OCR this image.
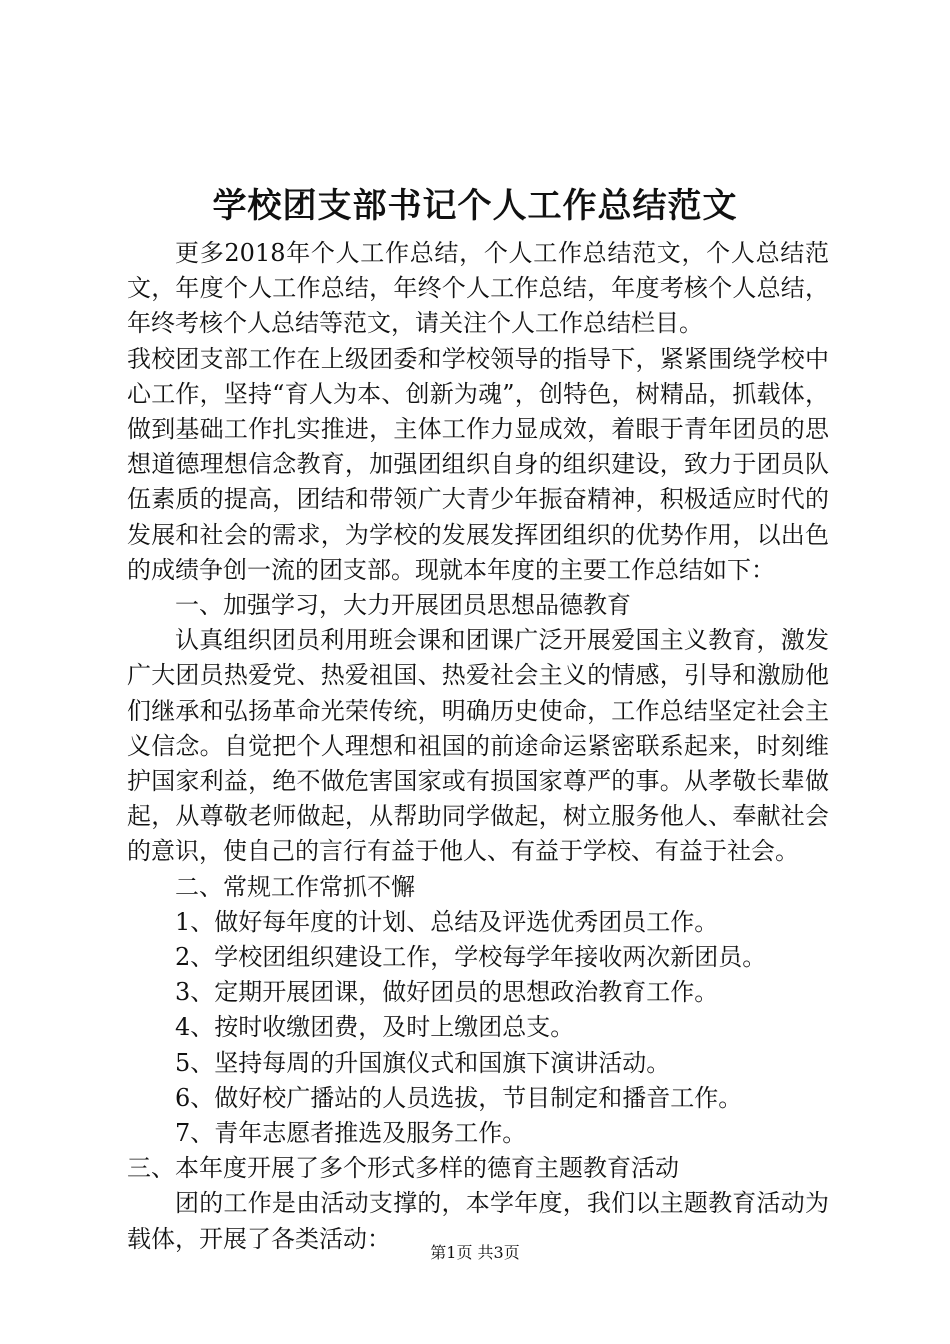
学校团支部书记个人工作总结范文

更多2018年个人工作总结，个人工作总结范文，个人总结范文，年度个人工作总结，年终个人工作总结，年度考核个人总结，年终考核个人总结等范文，请关注个人工作总结栏目。

我校团支部工作在上级团委和学校领导的指导下，紧紧围绕学校中心工作，坚持“育人为本、创新为魂”，创特色，树精品，抓载体，做到基础工作扎实推进，主体工作力显成效，着眼于青年团员的思想道德理想信念教育，加强团组织自身的组织建设，致力于团员队伍素质的提高，团结和带领广大青少年振奋精神，积极适应时代的发展和社会的需求，为学校的发展发挥团组织的优势作用，以出色的成绩争创一流的团支部。现就本年度的主要工作总结如下：

一、加强学习，大力开展团员思想品德教育

认真组织团员利用班会课和团课广泛开展爱国主义教育，激发广大团员热爱党、热爱祖国、热爱社会主义的情感，引导和激励他们继承和弘扬革命光荣传统，明确历史使命，工作总结坚定社会主义信念。自觉把个人理想和祖国的前途命运紧密联系起来，时刻维护国家利益，绝不做危害国家或有损国家尊严的事。从孝敬长辈做起，从尊敬老师做起，从帮助同学做起，树立服务他人、奉献社会的意识，使自己的言行有益于他人、有益于学校、有益于社会。

二、常规工作常抓不懈

1、做好每年度的计划、总结及评选优秀团员工作。

2、学校团组织建设工作，学校每学年接收两次新团员。

3、定期开展团课，做好团员的思想政治教育工作。

4、按时收缴团费，及时上缴团总支。

5、坚持每周的升国旗仪式和国旗下演讲活动。

6、做好校广播站的人员选拔，节目制定和播音工作。

7、青年志愿者推选及服务工作。

三、本年度开展了多个形式多样的德育主题教育活动

团的工作是由活动支撑的，本学年度，我们以主题教育活动为载体，开展了各类活动：	第1页 共3页
